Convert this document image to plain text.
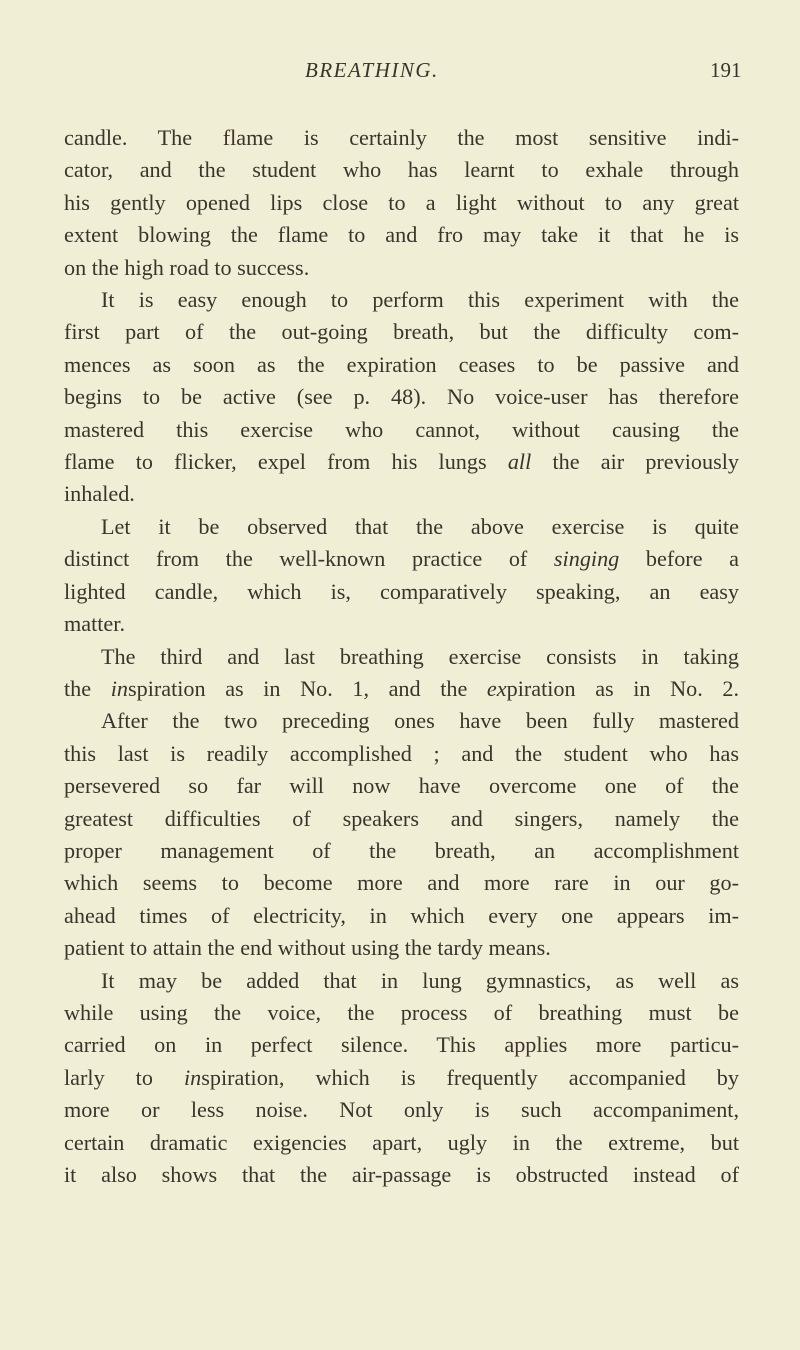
BREATHING.	191
candle. The flame is certainly the most sensitive indi-
cator, and the student who has learnt to exhale through
his gently opened lips close to a light without to any great
extent blowing the flame to and fro may take it that he is
on the high road to success.
It is easy enough to perform this experiment with the
first part of the out-going breath, but the difficulty com-
mences as soon as the expiration ceases to be passive and
begins to be active (see p. 48). No voice-user has therefore
mastered this exercise who cannot, without causing the
flame to flicker, expel from his lungs all the air previously
inhaled.
Let it be observed that the above exercise is quite
distinct from the well-known practice of singing before a
lighted candle, which is, comparatively speaking, an easy
matter.
The third and last breathing exercise consists in taking
the inspiration as in No. 1, and the expiration as in No. 2.
After the two preceding ones have been fully mastered
this last is readily accomplished ; and the student who has
persevered so far will now have overcome one of the
greatest difficulties of speakers and singers, namely the
proper management of the breath, an accomplishment
which seems to become more and more rare in our go-
ahead times of electricity, in which every one appears im-
patient to attain the end without using the tardy means.
It may be added that in lung gymnastics, as well as
while using the voice, the process of breathing must be
carried on in perfect silence. This applies more particu-
larly to inspiration, which is frequently accompanied by
more or less noise. Not only is such accompaniment,
certain dramatic exigencies apart, ugly in the extreme, but
it also shows that the air-passage is obstructed instead of
